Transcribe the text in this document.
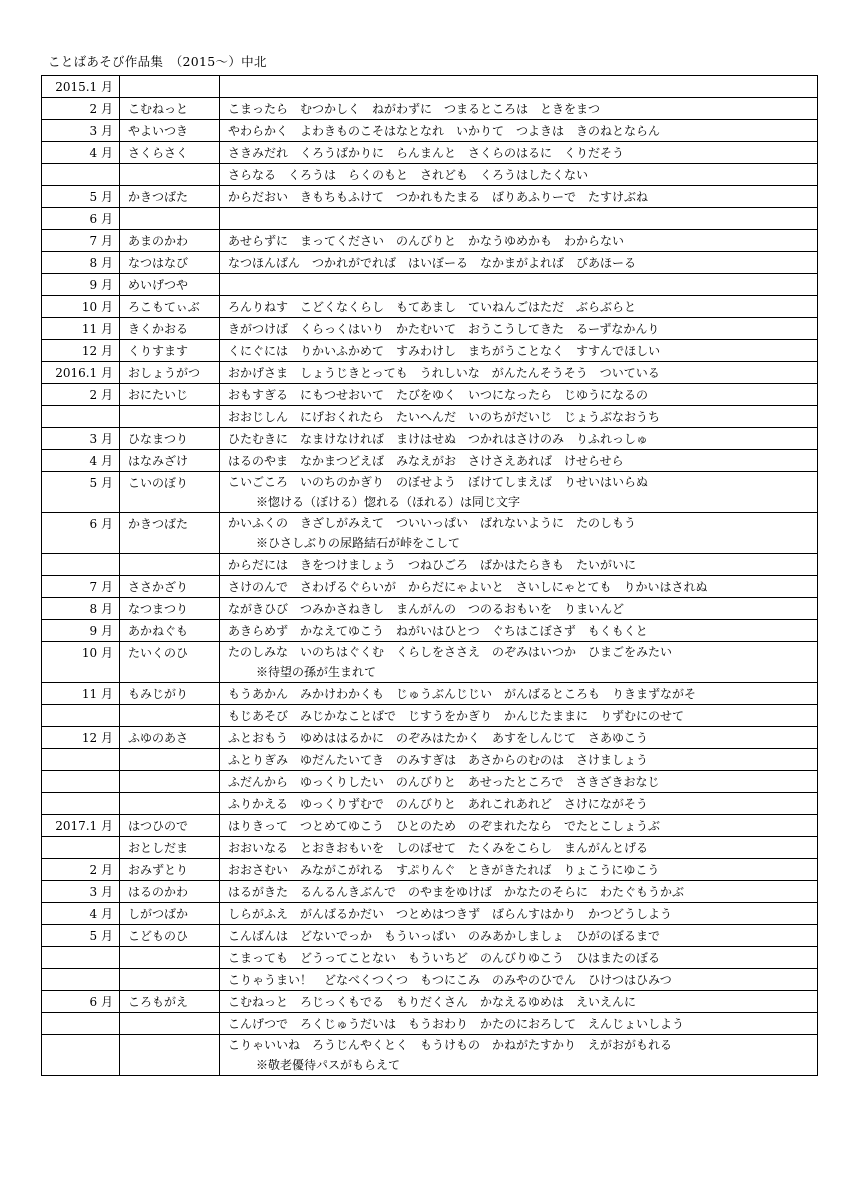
ことばあそび作品集　（2015〜）中北
2015.1 月		
2 月	こむねっと	こまったら　むつかしく　ねがわずに　つまるところは　ときをまつ
3 月	やよいつき	やわらかく　よわきものこそはなとなれ　いかりて　つよきは　きのねとならん
4 月	さくらさく	さきみだれ　くろうばかりに　らんまんと　さくらのはるに　くりだそう
		さらなる　くろうは　らくのもと　されども　くろうはしたくない
5 月	かきつばた	からだおい　きもちもふけて　つかれもたまる　ばりあふりーで　たすけぶね
6 月		
7 月	あまのかわ	あせらずに　まってください　のんびりと　かなうゆめかも　わからない
8 月	なつはなび	なつほんばん　つかれがでれば　はいぼーる　なかまがよれば　びあほーる
9 月	めいげつや	
10 月	ろこもてぃぶ	ろんりねす　こどくなくらし　もてあまし　ていねんごはただ　ぶらぶらと
11 月	きくかおる	きがつけば　くらっくはいり　かたむいて　おうこうしてきた　るーずなかんり
12 月	くりすます	くにぐには　りかいふかめて　すみわけし　まちがうことなく　すすんでほしい
2016.1 月	おしょうがつ	おかげさま　しょうじきとっても　うれしいな　がんたんそうそう　ついている
2 月	おにたいじ	おもすぎる　にもつせおいて　たびをゆく　いつになったら　じゆうになるの
		おおじしん　にげおくれたら　たいへんだ　いのちがだいじ　じょうぶなおうち
3 月	ひなまつり	ひたむきに　なまけなければ　まけはせぬ　つかれはさけのみ　りふれっしゅ
4 月	はなみざけ	はるのやま　なかまつどえば　みなえがお　さけさえあれば　けせらせら
5 月	こいのぼり	こいごころ　いのちのかぎり　のぼせよう　ぼけてしまえば　りせいはいらぬ
※惚ける（ぼける）惚れる（ほれる）は同じ文字

6 月	かきつばた	かいふくの　きざしがみえて　ついいっぱい　ばれないように　たのしもう
※ひさしぶりの尿路結石が峠をこして

		からだには　きをつけましょう　つねひごろ　ばかはたらきも　たいがいに
7 月	ささかざり	さけのんで　さわげるぐらいが　からだにゃよいと　さいしにゃとても　りかいはされぬ
8 月	なつまつり	ながきひび　つみかさねきし　まんがんの　つのるおもいを　りまいんど
9 月	あかねぐも	あきらめず　かなえてゆこう　ねがいはひとつ　ぐちはこぼさず　もくもくと
10 月	たいくのひ	たのしみな　いのちはぐくむ　くらしをささえ　のぞみはいつか　ひまごをみたい
※待望の孫が生まれて

11 月	もみじがり	もうあかん　みかけわかくも　じゅうぶんじじい　がんばるところも　りきまずながそ
		もじあそび　みじかなことばで　じすうをかぎり　かんじたままに　りずむにのせて
12 月	ふゆのあさ	ふとおもう　ゆめははるかに　のぞみはたかく　あすをしんじて　さあゆこう
		ふとりぎみ　ゆだんたいてき　のみすぎは　あさからのむのは　さけましょう
		ふだんから　ゆっくりしたい　のんびりと　あせったところで　さきざきおなじ
		ふりかえる　ゆっくりずむで　のんびりと　あれこれあれど　さけにながそう
2017.1 月	はつひので	はりきって　つとめてゆこう　ひとのため　のぞまれたなら　でたとこしょうぶ
	おとしだま	おおいなる　とおきおもいを　しのばせて　たくみをこらし　まんがんとげる
2 月	おみずとり	おおさむい　みながこがれる　すぷりんぐ　ときがきたれば　りょこうにゆこう
3 月	はるのかわ	はるがきた　るんるんきぶんで　のやまをゆけば　かなたのそらに　わたぐもうかぶ
4 月	しがつばか	しらがふえ　がんばるかだい　つとめはつきず　ばらんすはかり　かつどうしよう
5 月	こどものひ	こんばんは　どないでっか　もういっぱい　のみあかしましょ　ひがのぼるまで
		こまっても　どうってことない　もういちど　のんびりゆこう　ひはまたのぼる
		こりゃうまい！　どなべくつくつ　もつにこみ　のみやのひでん　ひけつはひみつ
6 月	ころもがえ	こむねっと　ろじっくもでる　もりだくさん　かなえるゆめは　えいえんに
		こんげつで　ろくじゅうだいは　もうおわり　かたのにおろして　えんじょいしよう
		こりゃいいね　ろうじんやくとく　もうけもの　かねがたすかり　えがおがもれる
※敬老優待パスがもらえて
